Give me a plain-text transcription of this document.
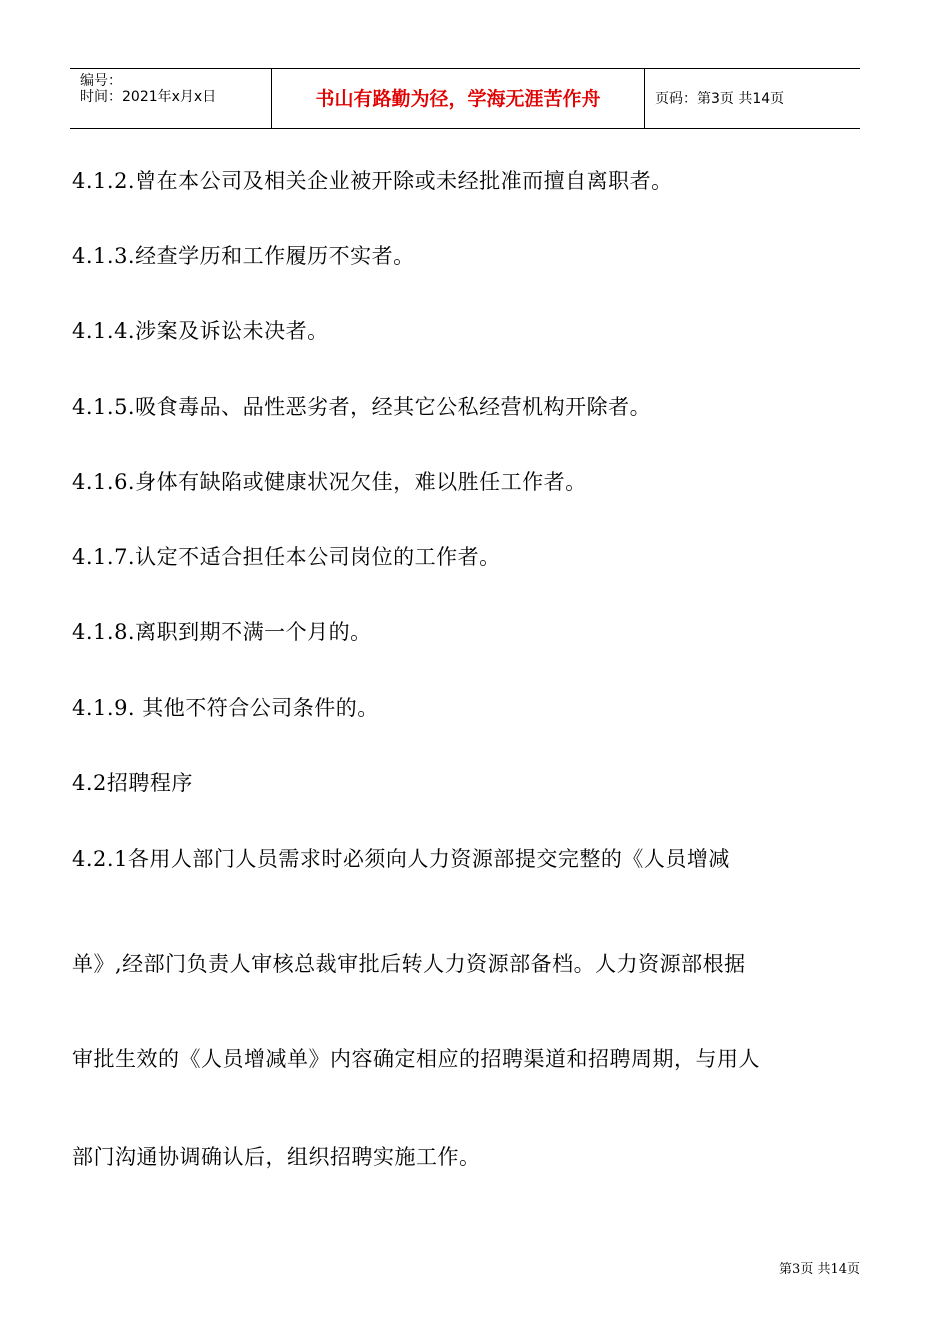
编号：
时间：2021年x月x日	书山有路勤为径，学海无涯苦作舟	页码：第3页 共14页
4.1.2.曾在本公司及相关企业被开除或未经批准而擅自离职者。
4.1.3.经查学历和工作履历不实者。
4.1.4.涉案及诉讼未决者。
4.1.5.吸食毒品、品性恶劣者，经其它公私经营机构开除者。
4.1.6.身体有缺陷或健康状况欠佳，难以胜任工作者。
4.1.7.认定不适合担任本公司岗位的工作者。
4.1.8.离职到期不满一个月的。
4.1.9. 其他不符合公司条件的。
4.2招聘程序
4.2.1各用人部门人员需求时必须向人力资源部提交完整的《人员增减
单》,经部门负责人审核总裁审批后转人力资源部备档。人力资源部根据
审批生效的《人员增减单》内容确定相应的招聘渠道和招聘周期，与用人
部门沟通协调确认后，组织招聘实施工作。
第3页 共14页
